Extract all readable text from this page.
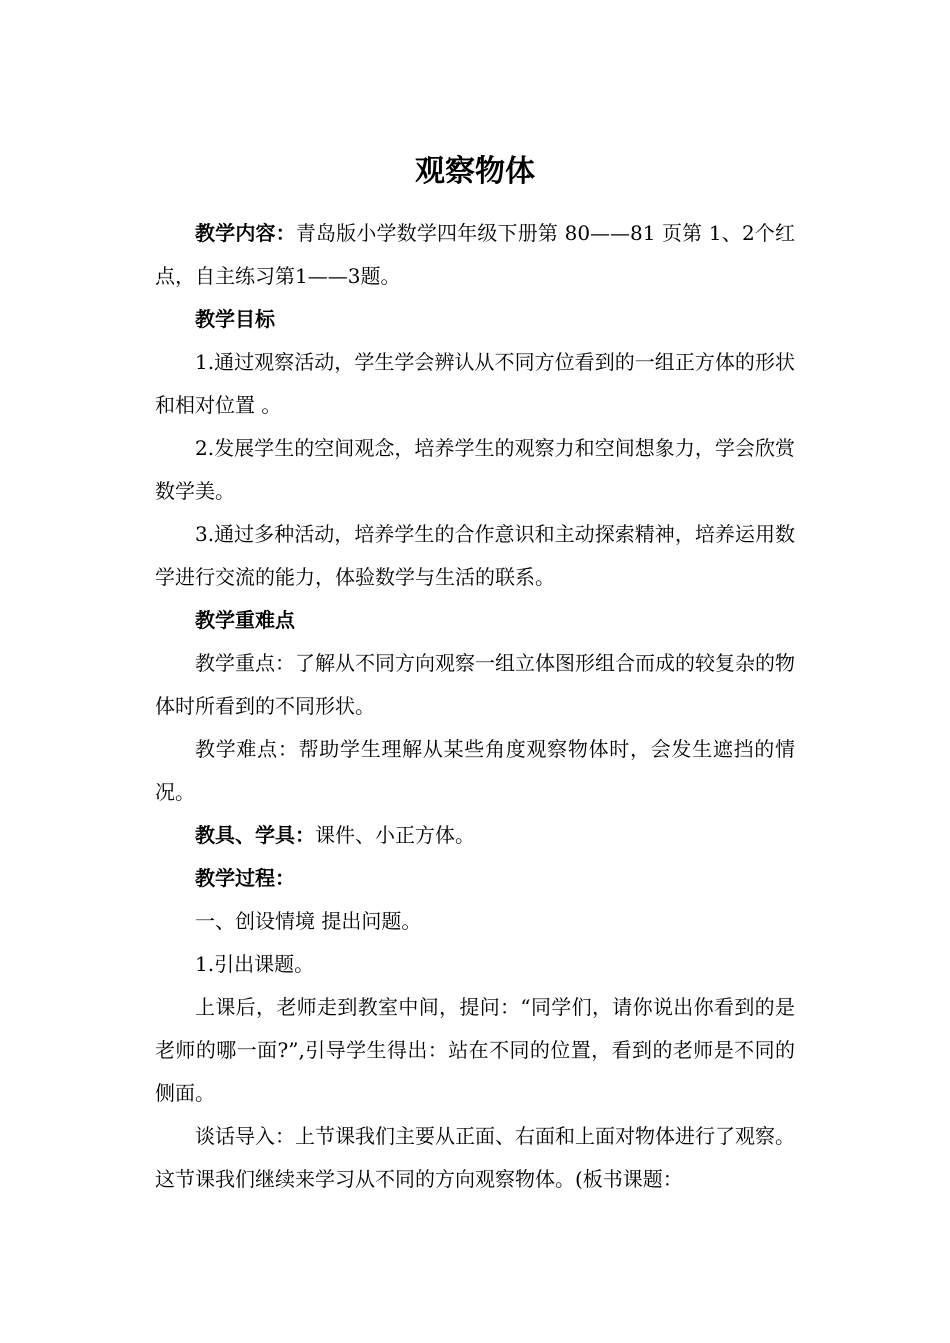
观察物体

教学内容：青岛版小学数学四年级下册第 80——81 页第 1、2个红点，自主练习第1——3题。

教学目标

1.通过观察活动，学生学会辨认从不同方位看到的一组正方体的形状和相对位置 。

2.发展学生的空间观念，培养学生的观察力和空间想象力，学会欣赏数学美。

3.通过多种活动，培养学生的合作意识和主动探索精神，培养运用数学进行交流的能力，体验数学与生活的联系。

教学重难点

教学重点：了解从不同方向观察一组立体图形组合而成的较复杂的物体时所看到的不同形状。

教学难点：帮助学生理解从某些角度观察物体时，会发生遮挡的情况。

教具、学具：课件、小正方体。

教学过程：

一、创设情境 提出问题。

1.引出课题。

上课后，老师走到教室中间，提问：“同学们，请你说出你看到的是老师的哪一面?”,引导学生得出：站在不同的位置，看到的老师是不同的侧面。

谈话导入：上节课我们主要从正面、右面和上面对物体进行了观察。这节课我们继续来学习从不同的方向观察物体。(板书课题：
